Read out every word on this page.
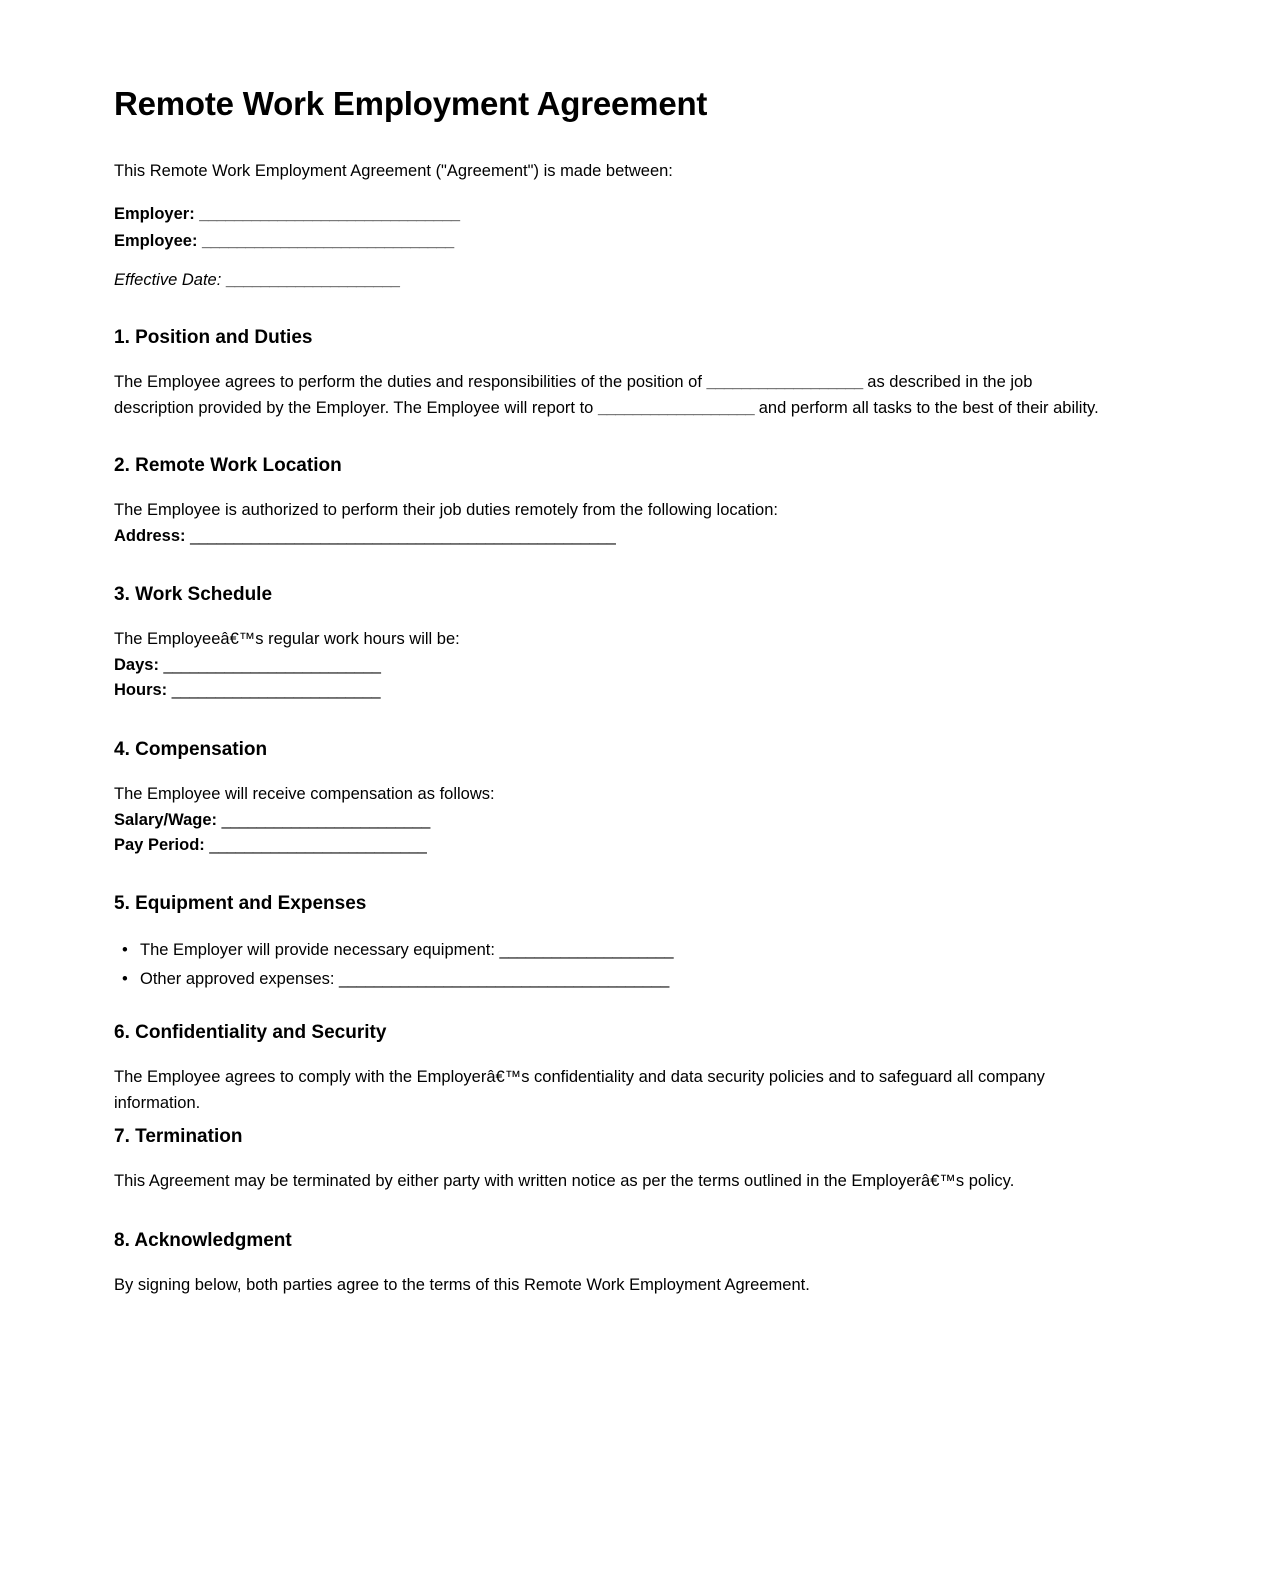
Remote Work Employment Agreement

This Remote Work Employment Agreement ("Agreement") is made between:

Employer: ______________________________
Employee: _____________________________
Effective Date: ____________________
1. Position and Duties

The Employee agrees to perform the duties and responsibilities of the position of __________________ as described in the job description provided by the Employer. The Employee will report to __________________ and perform all tasks to the best of their ability.

2. Remote Work Location

The Employee is authorized to perform their job duties remotely from the following location:

Address: _________________________________________________
3. Work Schedule

The Employeeâ€™s regular work hours will be:

Days: _________________________
Hours: ________________________
4. Compensation

The Employee will receive compensation as follows:

Salary/Wage: ________________________
Pay Period: _________________________
5. Equipment and Expenses
• The Employer will provide necessary equipment: ____________________
• Other approved expenses: ______________________________________
6. Confidentiality and Security

The Employee agrees to comply with the Employerâ€™s confidentiality and data security policies and to safeguard all company information.

7. Termination

This Agreement may be terminated by either party with written notice as per the terms outlined in the Employerâ€™s policy.

8. Acknowledgment

By signing below, both parties agree to the terms of this Remote Work Employment Agreement.
